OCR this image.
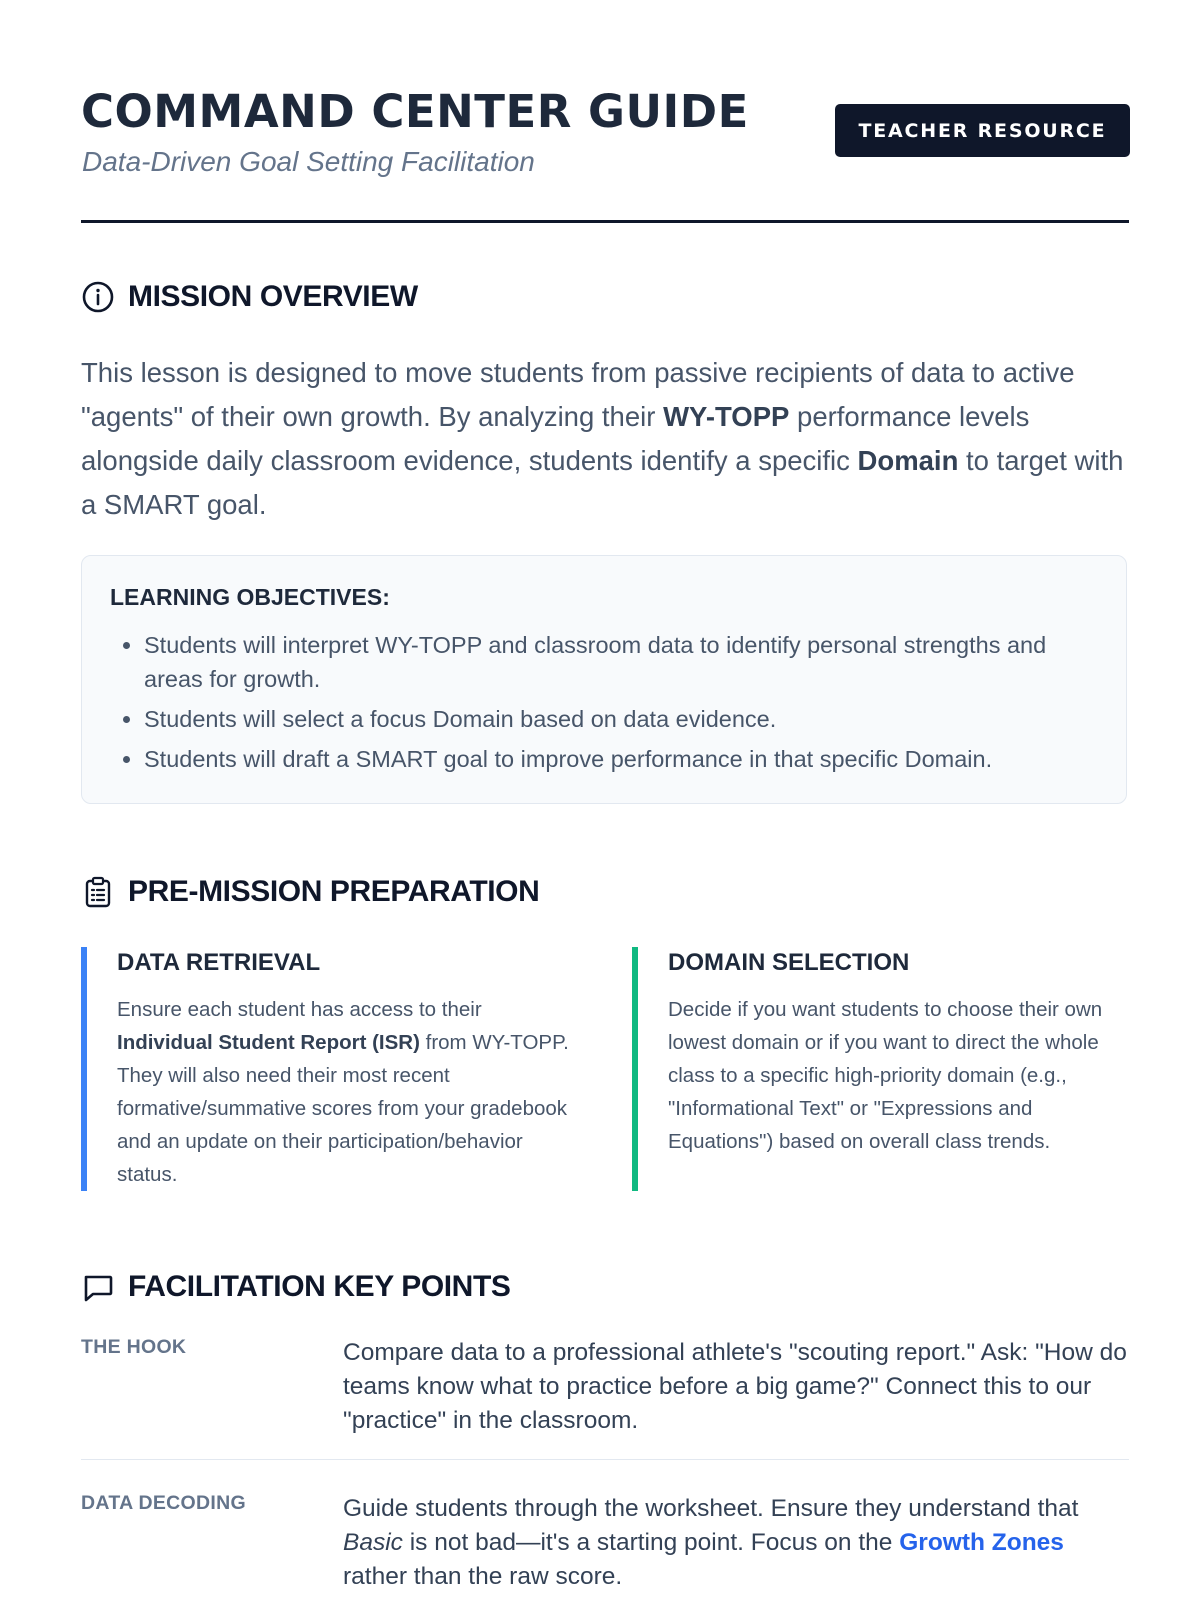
COMMAND CENTER GUIDE
Data-Driven Goal Setting Facilitation
TEACHER RESOURCE
MISSION OVERVIEW

This lesson is designed to move students from passive recipients of data to active "agents" of their own growth. By analyzing their WY-TOPP performance levels alongside daily classroom evidence, students identify a specific Domain to target with a SMART goal.

LEARNING OBJECTIVES:
• Students will interpret WY-TOPP and classroom data to identify personal strengths and areas for growth.
• Students will select a focus Domain based on data evidence.
• Students will draft a SMART goal to improve performance in that specific Domain.
PRE-MISSION PREPARATION
DATA RETRIEVAL

Ensure each student has access to their Individual Student Report (ISR) from WY-TOPP. They will also need their most recent formative/summative scores from your gradebook and an update on their participation/behavior status.

DOMAIN SELECTION

Decide if you want students to choose their own lowest domain or if you want to direct the whole class to a specific high-priority domain (e.g., "Informational Text" or "Expressions and Equations") based on overall class trends.

FACILITATION KEY POINTS
THE HOOK	Compare data to a professional athlete's "scouting report." Ask: "How do teams know what to practice before a big game?" Connect this to our "practice" in the classroom.

DATA DECODING	Guide students through the worksheet. Ensure they understand that Basic is not bad—it's a starting point. Focus on the Growth Zones rather than the raw score.
